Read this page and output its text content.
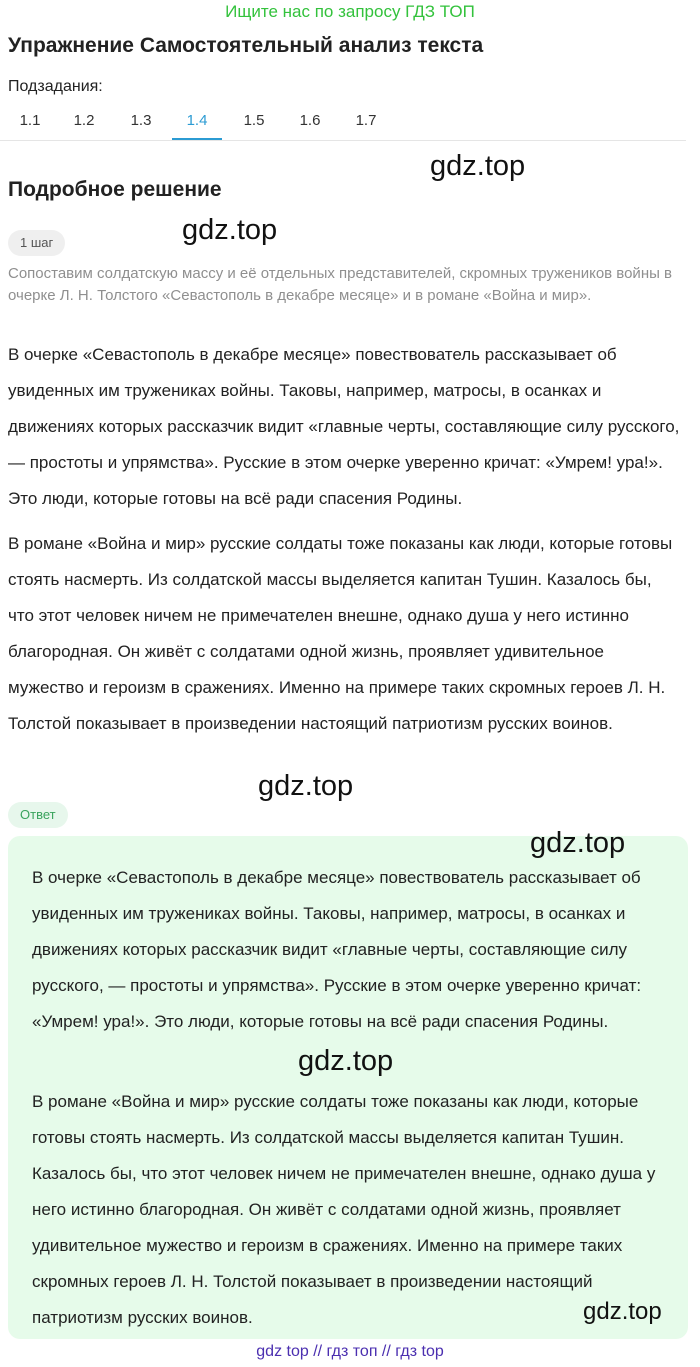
Ищите нас по запросу ГДЗ ТОП
Упражнение Самостоятельный анализ текста
Подзадания:
1.1	1.2	1.3	1.4	1.5	1.6	1.7
gdz.top
Подробное решение
1 шаг	gdz.top
Сопоставим солдатскую массу и её отдельных представителей, скромных тружеников войны в очерке Л. Н. Толстого «Севастополь в декабре месяце» и в романе «Война и мир».
В очерке «Севастополь в декабре месяце» повествователь рассказывает об увиденных им тружениках войны. Таковы, например, матросы, в осанках и движениях которых рассказчик видит «главные черты, составляющие силу русского, — простоты и упрямства». Русские в этом очерке уверенно кричат: «Умрем! ура!». Это люди, которые готовы на всё ради спасения Родины.
В романе «Война и мир» русские солдаты тоже показаны как люди, которые готовы стоять насмерть. Из солдатской массы выделяется капитан Тушин. Казалось бы, что этот человек ничем не примечателен внешне, однако душа у него истинно благородная. Он живёт с солдатами одной жизнь, проявляет удивительное мужество и героизм в сражениях. Именно на примере таких скромных героев Л. Н. Толстой показывает в произведении настоящий патриотизм русских воинов.
gdz.top
Ответ
В очерке «Севастополь в декабре месяце» повествователь рассказывает об увиденных им тружениках войны. Таковы, например, матросы, в осанках и движениях которых рассказчик видит «главные черты, составляющие силу русского, — простоты и упрямства». Русские в этом очерке уверенно кричат: «Умрем! ура!». Это люди, которые готовы на всё ради спасения Родины.
В романе «Война и мир» русские солдаты тоже показаны как люди, которые готовы стоять насмерть. Из солдатской массы выделяется капитан Тушин. Казалось бы, что этот человек ничем не примечателен внешне, однако душа у него истинно благородная. Он живёт с солдатами одной жизнь, проявляет удивительное мужество и героизм в сражениях. Именно на примере таких скромных героев Л. Н. Толстой показывает в произведении настоящий патриотизм русских воинов.
gdz.top
gdz.top
gdz.top
gdz top // гдз топ // гдз top
